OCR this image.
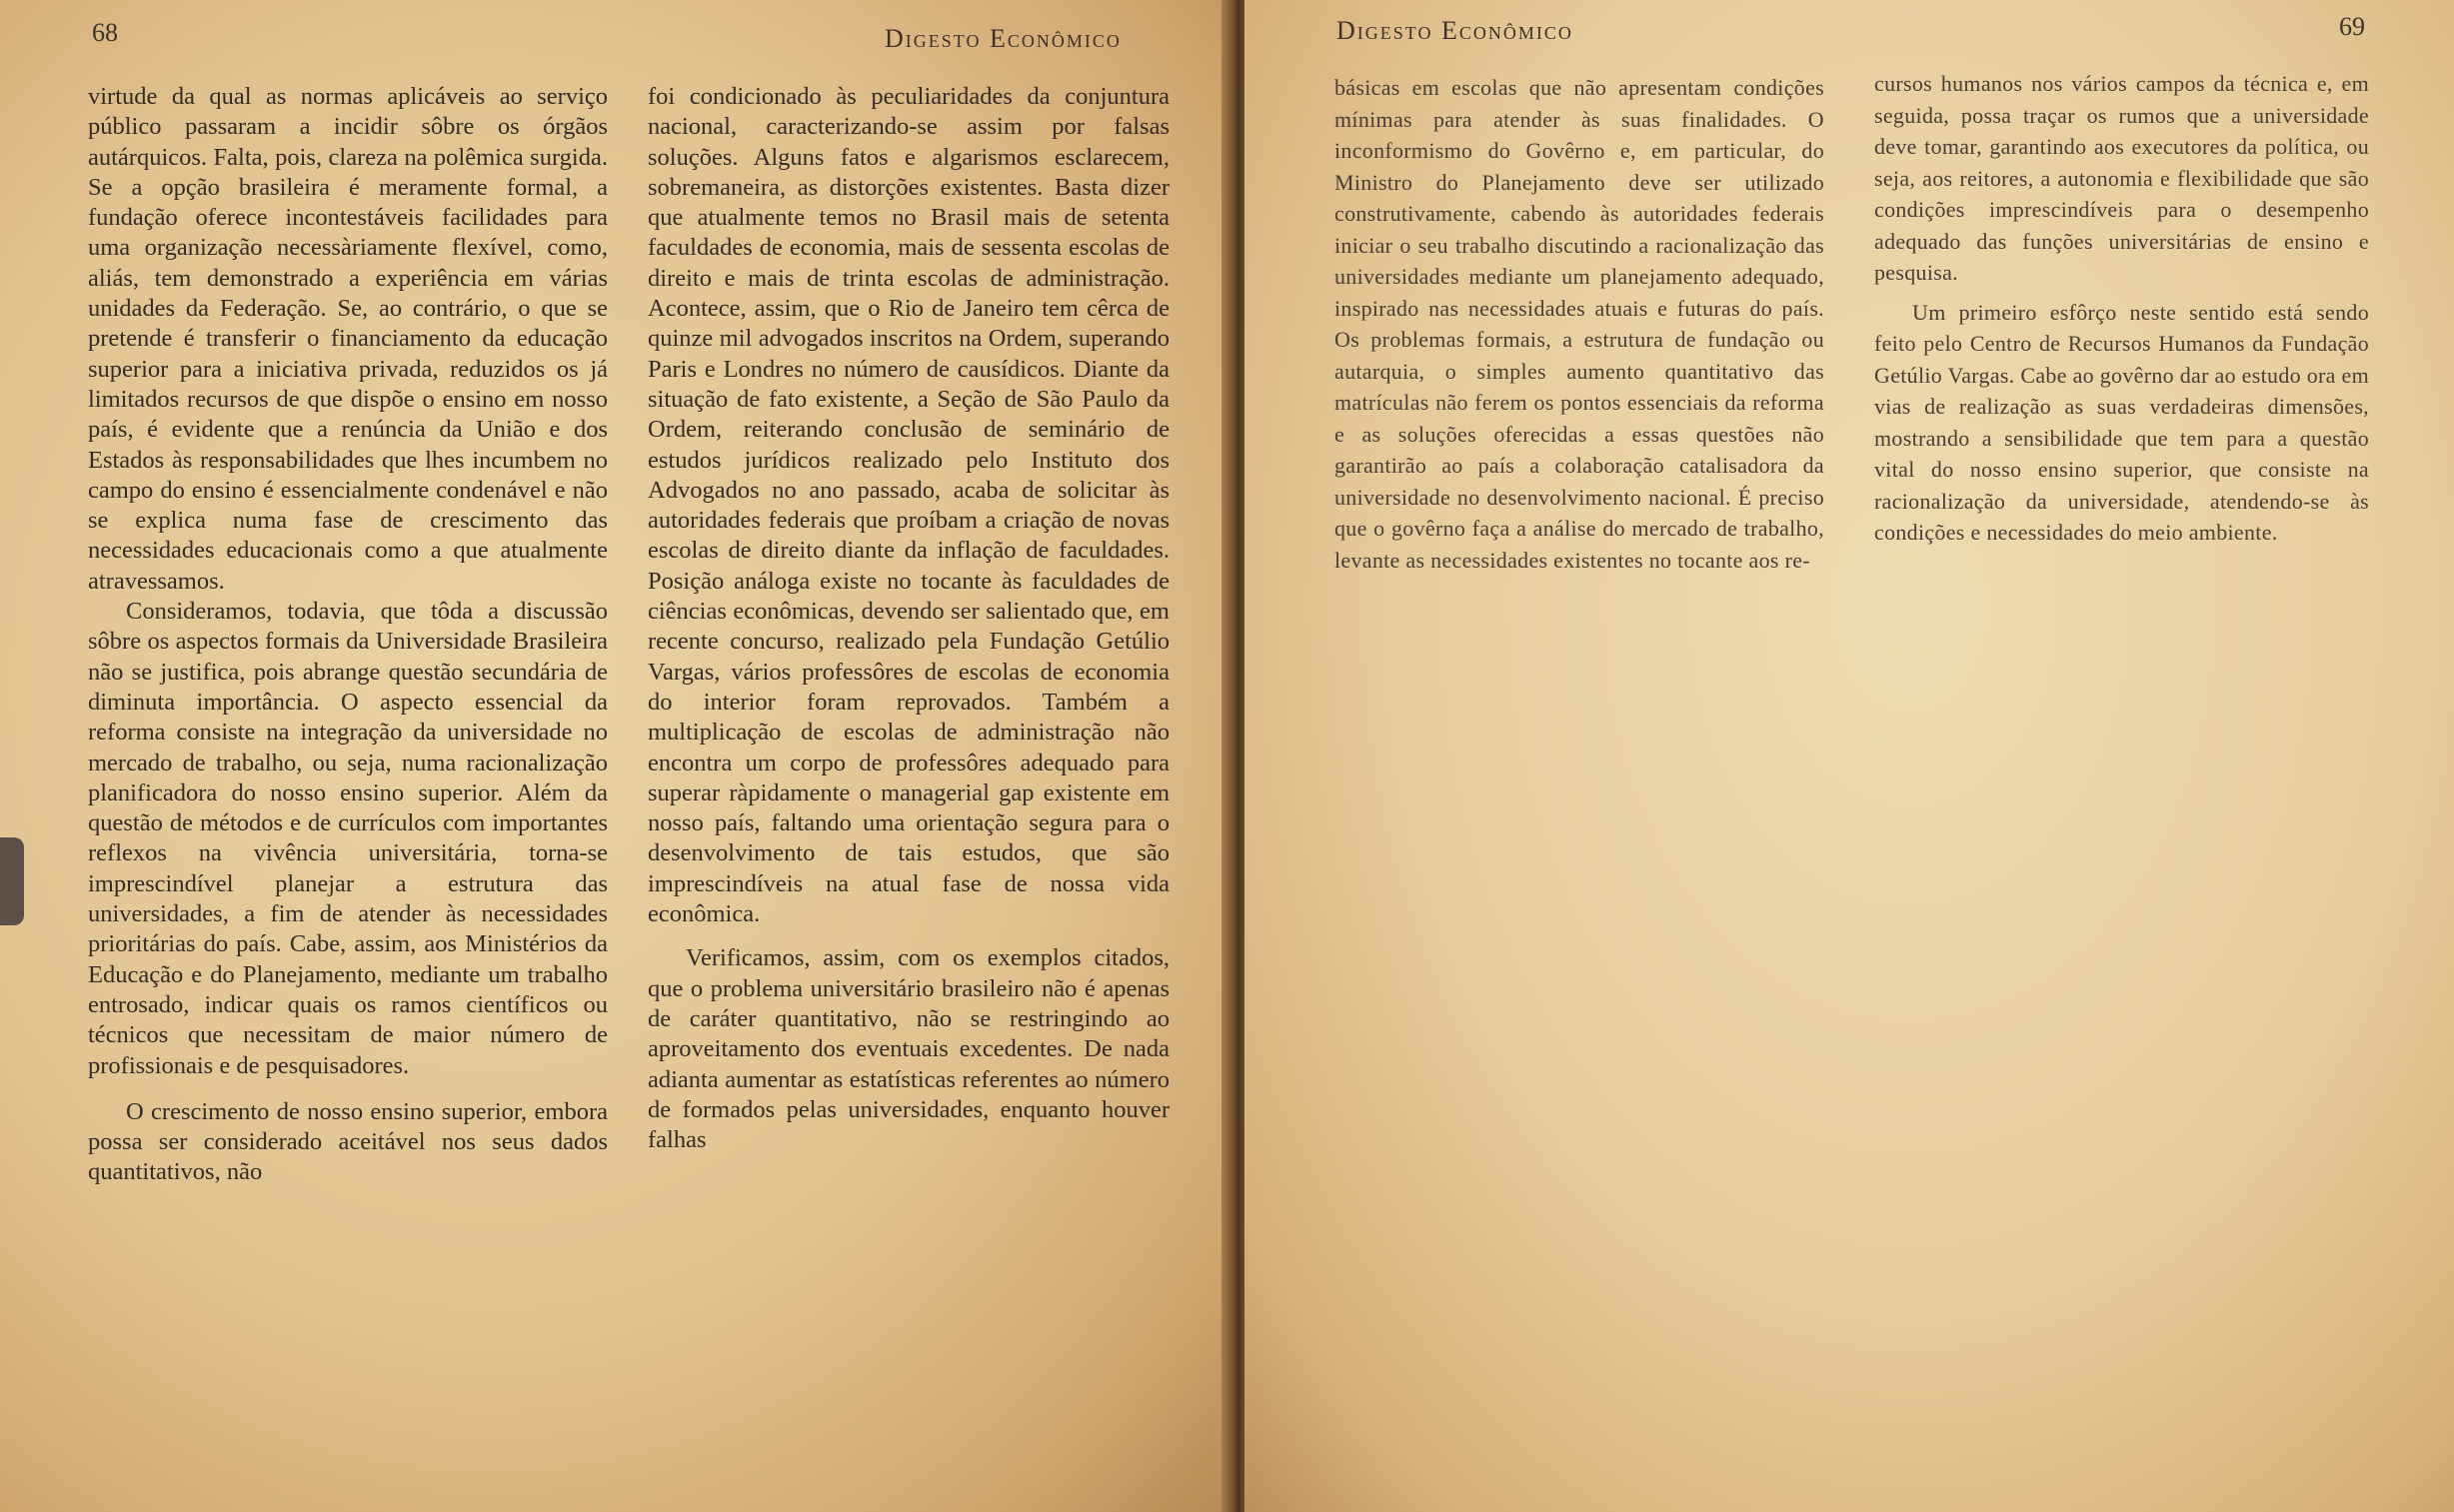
68	Digesto Econômico

virtude da qual as normas aplicáveis ao serviço público passaram a incidir sôbre os órgãos autárquicos. Falta, pois, clareza na polêmica surgida. Se a opção brasileira é meramente formal, a fundação oferece incontestáveis facilidades para uma organização necessàriamente flexível, como, aliás, tem demonstrado a experiência em várias unidades da Federação. Se, ao contrário, o que se pretende é transferir o financiamento da educação superior para a iniciativa privada, reduzidos os já limitados recursos de que dispõe o ensino em nosso país, é evidente que a renúncia da União e dos Estados às responsabilidades que lhes incumbem no campo do ensino é essencialmente condenável e não se explica numa fase de crescimento das necessidades educacionais como a que atualmente atravessamos.

Consideramos, todavia, que tôda a discussão sôbre os aspectos formais da Universidade Brasileira não se justifica, pois abrange questão secundária de diminuta importância. O aspecto essencial da reforma consiste na integração da universidade no mercado de trabalho, ou seja, numa racionalização planificadora do nosso ensino superior. Além da questão de métodos e de currículos com importantes reflexos na vivência universitária, torna-se imprescindível planejar a estrutura das universidades, a fim de atender às necessidades prioritárias do país. Cabe, assim, aos Ministérios da Educação e do Planejamento, mediante um trabalho entrosado, indicar quais os ramos científicos ou técnicos que necessitam de maior número de profissionais e de pesquisadores.

O crescimento de nosso ensino superior, embora possa ser considerado aceitável nos seus dados quantitativos, não

foi condicionado às peculiaridades da conjuntura nacional, caracterizando-se assim por falsas soluções. Alguns fatos e algarismos esclarecem, sobremaneira, as distorções existentes. Basta dizer que atualmente temos no Brasil mais de setenta faculdades de economia, mais de sessenta escolas de direito e mais de trinta escolas de administração. Acontece, assim, que o Rio de Janeiro tem cêrca de quinze mil advogados inscritos na Ordem, superando Paris e Londres no número de causídicos. Diante da situação de fato existente, a Seção de São Paulo da Ordem, reiterando conclusão de seminário de estudos jurídicos realizado pelo Instituto dos Advogados no ano passado, acaba de solicitar às autoridades federais que proíbam a criação de novas escolas de direito diante da inflação de faculdades. Posição análoga existe no tocante às faculdades de ciências econômicas, devendo ser salientado que, em recente concurso, realizado pela Fundação Getúlio Vargas, vários professôres de escolas de economia do interior foram reprovados. Também a multiplicação de escolas de administração não encontra um corpo de professôres adequado para superar ràpidamente o managerial gap existente em nosso país, faltando uma orientação segura para o desenvolvimento de tais estudos, que são imprescindíveis na atual fase de nossa vida econômica.

Verificamos, assim, com os exemplos citados, que o problema universitário brasileiro não é apenas de caráter quantitativo, não se restringindo ao aproveitamento dos eventuais excedentes. De nada adianta aumentar as estatísticas referentes ao número de formados pelas universidades, enquanto houver falhas

Digesto Econômico	69

básicas em escolas que não apresentam condições mínimas para atender às suas finalidades. O inconformismo do Govêrno e, em particular, do Ministro do Planejamento deve ser utilizado construtivamente, cabendo às autoridades federais iniciar o seu trabalho discutindo a racionalização das universidades mediante um planejamento adequado, inspirado nas necessidades atuais e futuras do país. Os problemas formais, a estrutura de fundação ou autarquia, o simples aumento quantitativo das matrículas não ferem os pontos essenciais da reforma e as soluções oferecidas a essas questões não garantirão ao país a colaboração catalisadora da universidade no desenvolvimento nacional. É preciso que o govêrno faça a análise do mercado de trabalho, levante as necessidades existentes no tocante aos re-

cursos humanos nos vários campos da técnica e, em seguida, possa traçar os rumos que a universidade deve tomar, garantindo aos executores da política, ou seja, aos reitores, a autonomia e flexibilidade que são condições imprescindíveis para o desempenho adequado das funções universitárias de ensino e pesquisa.

Um primeiro esfôrço neste sentido está sendo feito pelo Centro de Recursos Humanos da Fundação Getúlio Vargas. Cabe ao govêrno dar ao estudo ora em vias de realização as suas verdadeiras dimensões, mostrando a sensibilidade que tem para a questão vital do nosso ensino superior, que consiste na racionalização da universidade, atendendo-se às condições e necessidades do meio ambiente.
